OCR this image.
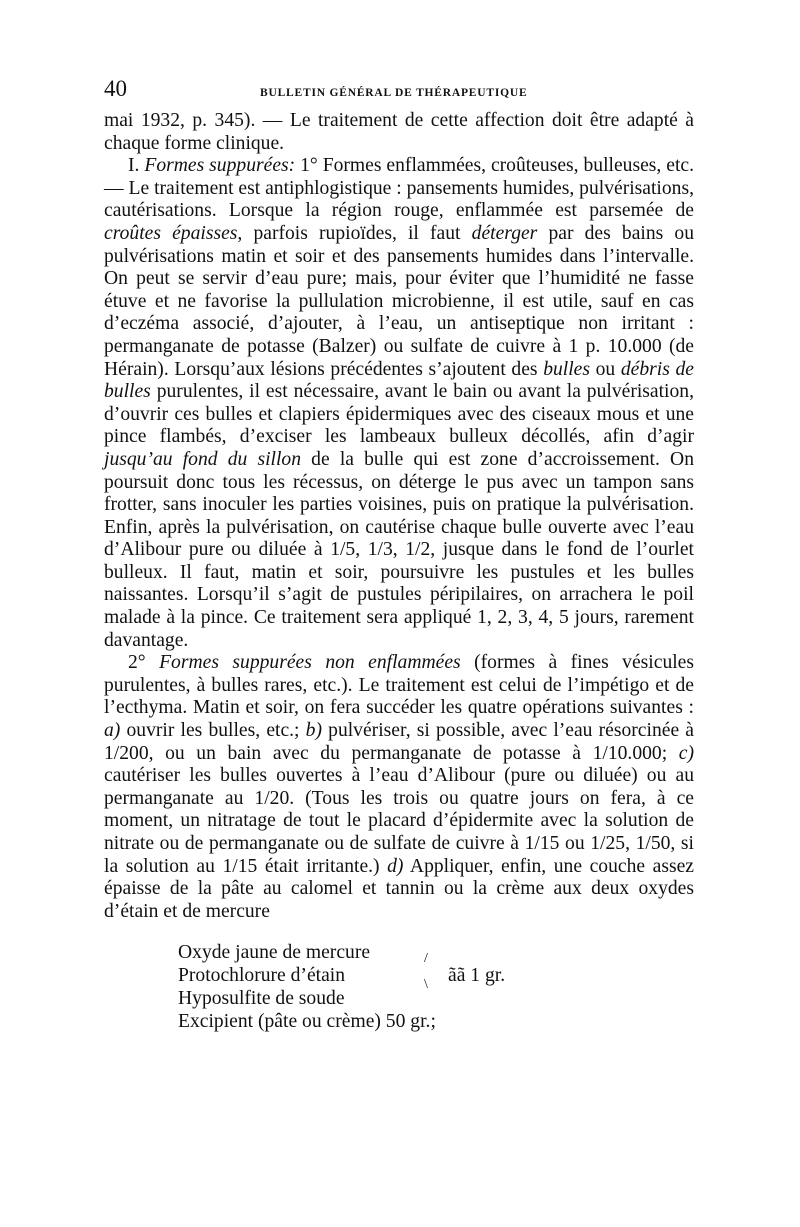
40	BULLETIN GÉNÉRAL DE THÉRAPEUTIQUE

mai 1932, p. 345). — Le traitement de cette affection doit être adapté à chaque forme clinique.

I. Formes suppurées: 1° Formes enflammées, croûteuses, bulleuses, etc. — Le traitement est antiphlogistique : pansements humides, pulvérisations, cautérisations. Lorsque la région rouge, enflammée est parsemée de croûtes épaisses, parfois rupioïdes, il faut déterger par des bains ou pulvérisations matin et soir et des pansements humides dans l’intervalle. On peut se servir d’eau pure; mais, pour éviter que l’humidité ne fasse étuve et ne favorise la pullulation microbienne, il est utile, sauf en cas d’eczéma associé, d’ajouter, à l’eau, un antiseptique non irritant : permanganate de potasse (Balzer) ou sulfate de cuivre à 1 p. 10.000 (de Hérain). Lorsqu’aux lésions précédentes s’ajoutent des bulles ou débris de bulles purulentes, il est nécessaire, avant le bain ou avant la pulvérisation, d’ouvrir ces bulles et clapiers épidermiques avec des ciseaux mous et une pince flambés, d’exciser les lambeaux bulleux décollés, afin d’agir jusqu’au fond du sillon de la bulle qui est zone d’accroissement. On poursuit donc tous les récessus, on déterge le pus avec un tampon sans frotter, sans inoculer les parties voisines, puis on pratique la pulvérisation. Enfin, après la pulvérisation, on cautérise chaque bulle ouverte avec l’eau d’Alibour pure ou diluée à 1/5, 1/3, 1/2, jusque dans le fond de l’ourlet bulleux. Il faut, matin et soir, poursuivre les pustules et les bulles naissantes. Lorsqu’il s’agit de pustules péripilaires, on arrachera le poil malade à la pince. Ce traitement sera appliqué 1, 2, 3, 4, 5 jours, rarement davantage.

2° Formes suppurées non enflammées (formes à fines vésicules purulentes, à bulles rares, etc.). Le traitement est celui de l’impétigo et de l’ecthyma. Matin et soir, on fera succéder les quatre opérations suivantes : a) ouvrir les bulles, etc.; b) pulvériser, si possible, avec l’eau résorcinée à 1/200, ou un bain avec du permanganate de potasse à 1/10.000; c) cautériser les bulles ouvertes à l’eau d’Alibour (pure ou diluée) ou au permanganate au 1/20. (Tous les trois ou quatre jours on fera, à ce moment, un nitratage de tout le placard d’épidermite avec la solution de nitrate ou de permanganate ou de sulfate de cuivre à 1/15 ou 1/25, 1/50, si la solution au 1/15 était irritante.) d) Appliquer, enfin, une couche assez épaisse de la pâte au calomel et tannin ou la crème aux deux oxydes d’étain et de mercure

Oxyde jaune de mercure
Protochlorure d’étain
Hyposulfite de soude
Excipient (pâte ou crème) 50 gr.;
/
\ ãã 1 gr.
